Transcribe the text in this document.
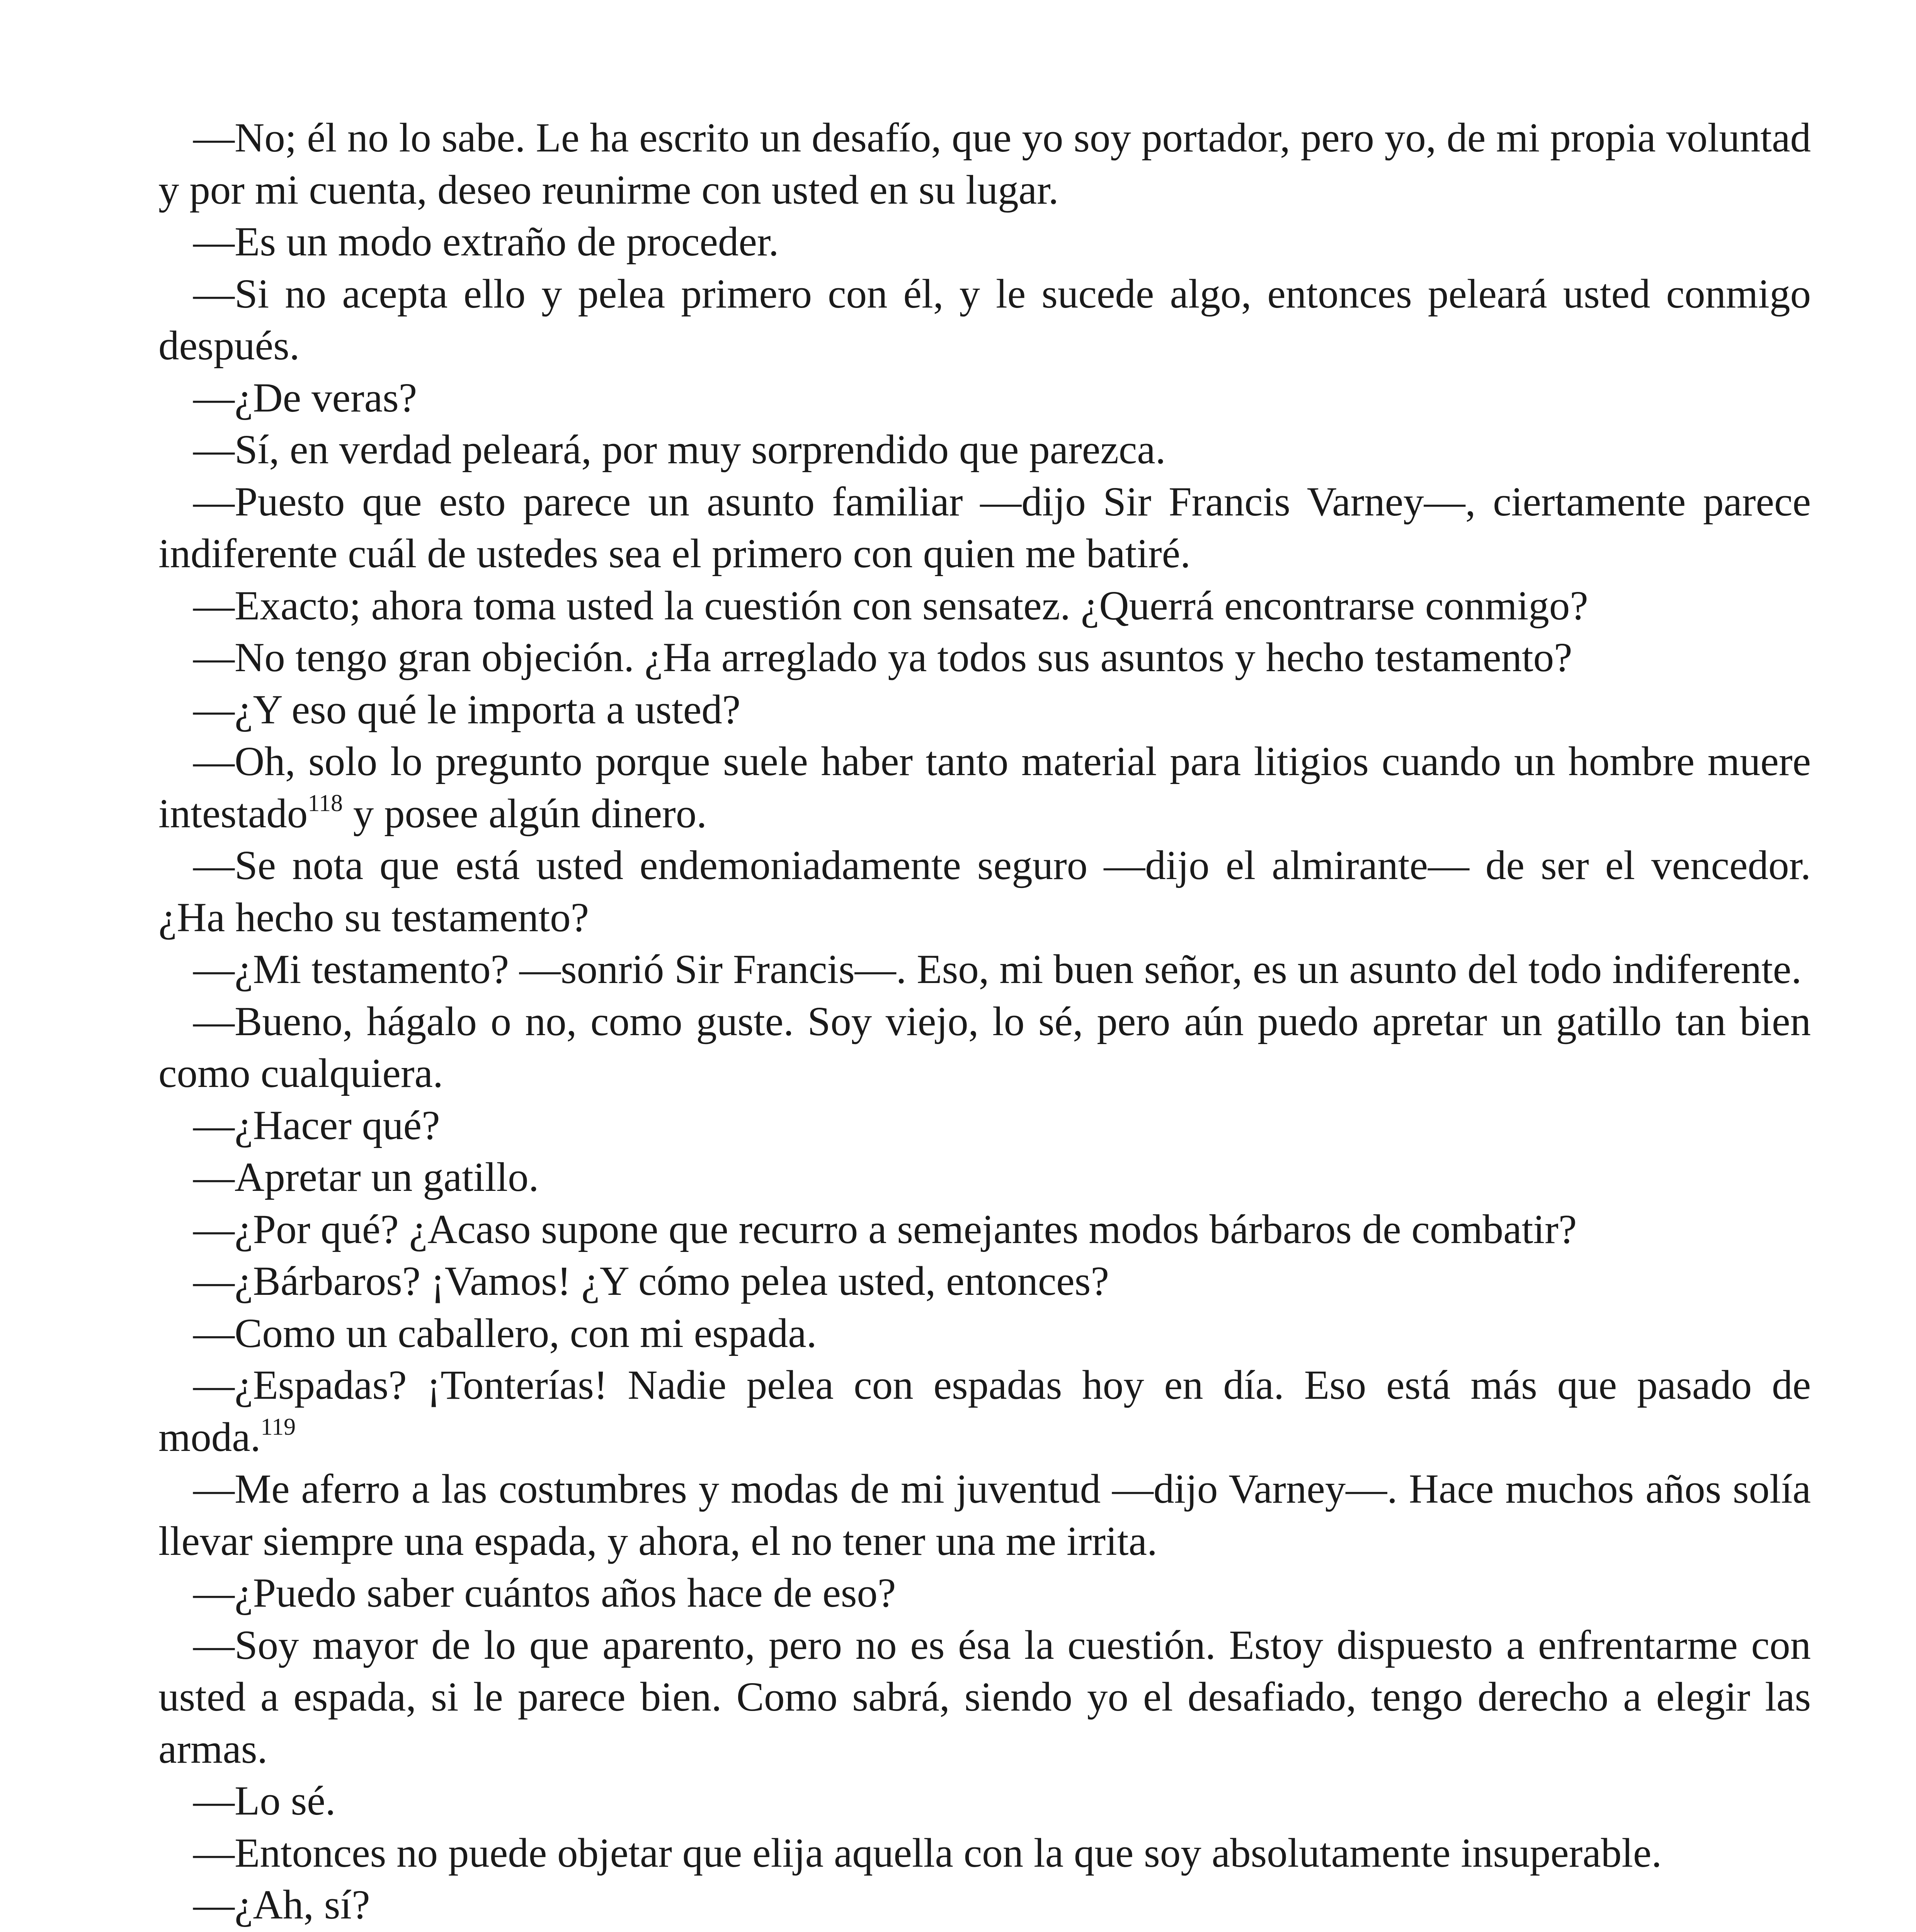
—No; él no lo sabe. Le ha escrito un desafío, que yo soy portador, pero yo, de mi propia voluntad y por mi cuenta, deseo reunirme con usted en su lugar.

—Es un modo extraño de proceder.

—Si no acepta ello y pelea primero con él, y le sucede algo, entonces peleará usted conmigo después.

—¿De veras?

—Sí, en verdad peleará, por muy sorprendido que parezca.

—Puesto que esto parece un asunto familiar —dijo Sir Francis Varney—, ciertamente parece indiferente cuál de ustedes sea el primero con quien me batiré.

—Exacto; ahora toma usted la cuestión con sensatez. ¿Querrá encontrarse conmigo?

—No tengo gran objeción. ¿Ha arreglado ya todos sus asuntos y hecho testamento?

—¿Y eso qué le importa a usted?

—Oh, solo lo pregunto porque suele haber tanto material para litigios cuando un hombre muere intestado$^{118}$ y posee algún dinero.

—Se nota que está usted endemoniadamente seguro —dijo el almirante— de ser el vencedor. ¿Ha hecho su testamento?

—¿Mi testamento? —sonrió Sir Francis—. Eso, mi buen señor, es un asunto del todo indiferente.

—Bueno, hágalo o no, como guste. Soy viejo, lo sé, pero aún puedo apretar un gatillo tan bien como cualquiera.

—¿Hacer qué?

—Apretar un gatillo.

—¿Por qué? ¿Acaso supone que recurro a semejantes modos bárbaros de combatir?

—¿Bárbaros? ¡Vamos! ¿Y cómo pelea usted, entonces?

—Como un caballero, con mi espada.

—¿Espadas? ¡Tonterías! Nadie pelea con espadas hoy en día. Eso está más que pasado de moda.$^{119}$

—Me aferro a las costumbres y modas de mi juventud —dijo Varney—. Hace muchos años solía llevar siempre una espada, y ahora, el no tener una me irrita.

—¿Puedo saber cuántos años hace de eso?

—Soy mayor de lo que aparento, pero no es ésa la cuestión. Estoy dispuesto a enfrentarme con usted a espada, si le parece bien. Como sabrá, siendo yo el desafiado, tengo derecho a elegir las armas.

—Lo sé.

—Entonces no puede objetar que elija aquella con la que soy absolutamente insuperable.

—¿Ah, sí?
